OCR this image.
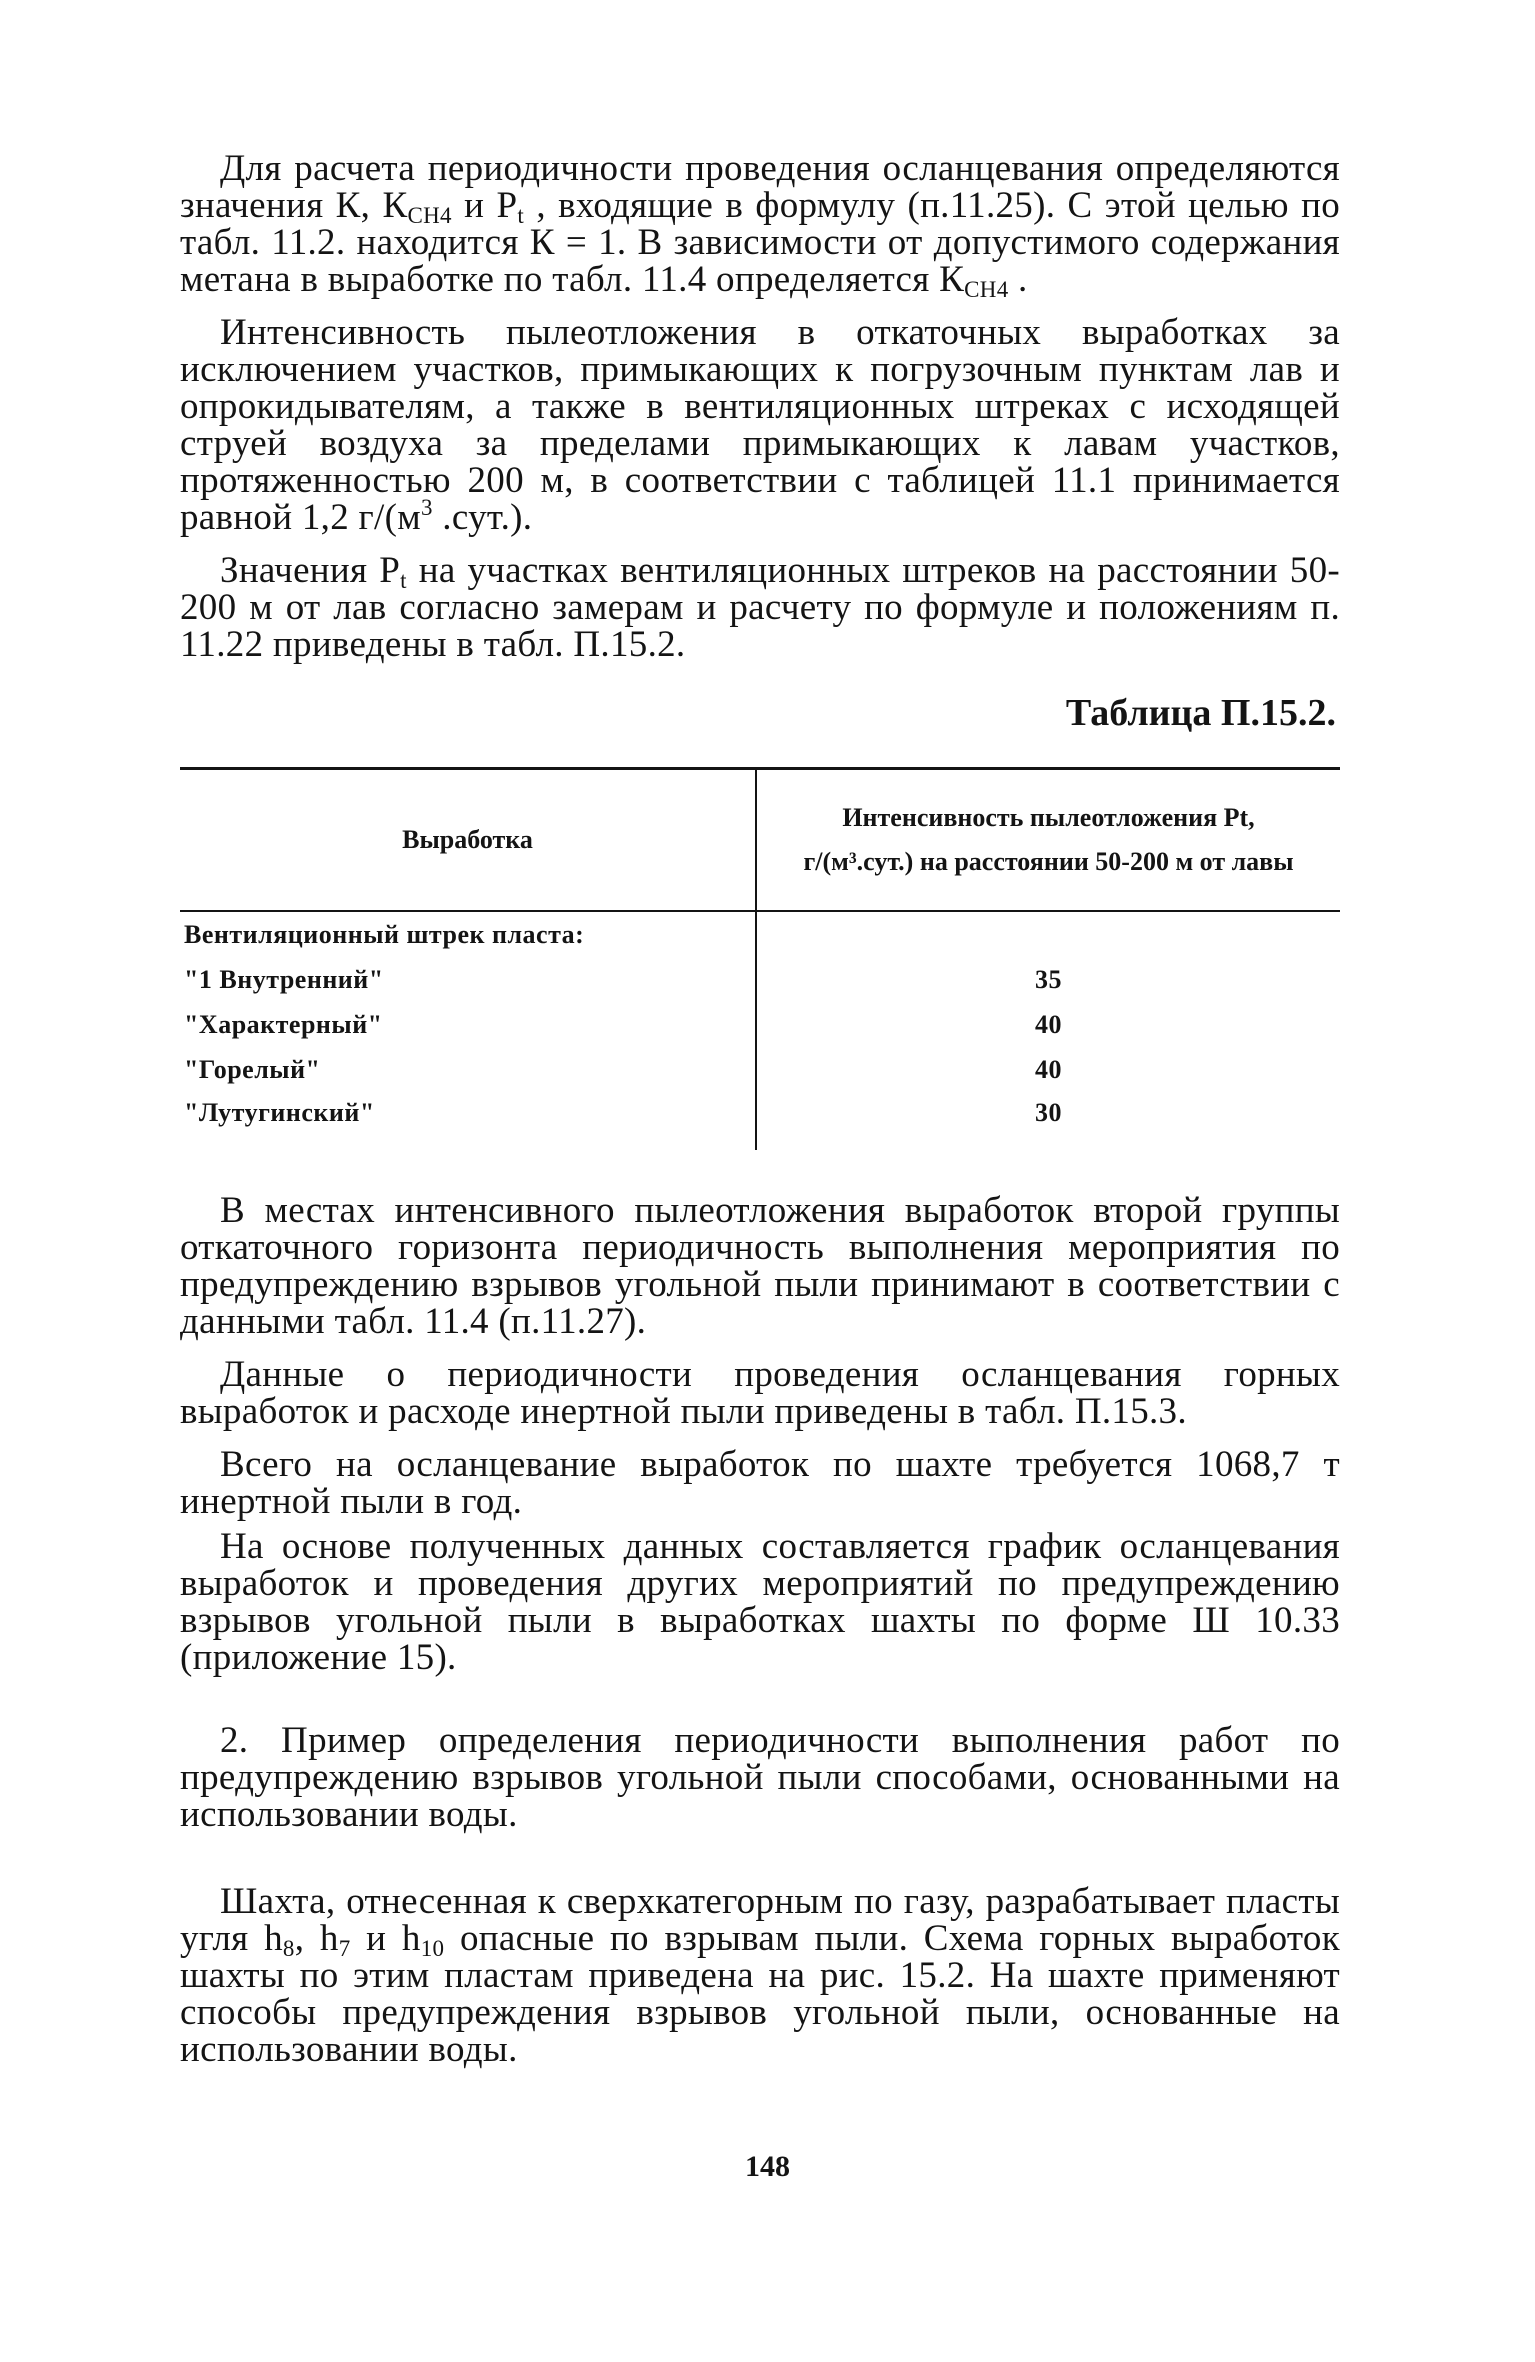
Для расчета периодичности проведения осланцевания определяются значения К, $К_{CH4}$ и $P_t$ , входящие в формулу (п.11.25). С этой целью по табл. 11.2. находится К = 1. В зависимости от допустимого содержания метана в выработке по табл. 11.4 определяется $К_{CH4}$ .

Интенсивность пылеотложения в откаточных выработках за исключением участков, примыкающих к погрузочным пунктам лав и опрокидывателям, а также в вентиляционных штреках с исходящей струей воздуха за пределами примыкающих к лавам участков, протяженностью 200 м, в соответствии с таблицей 11.1 принимается равной 1,2 $г/(м^3$ .сут.).

Значения $P_t$ на участках вентиляционных штреков на расстоянии 50-200 м от лав согласно замерам и расчету по формуле и положениям п. 11.22 приведены в табл. П.15.2.

Таблица П.15.2.
Выработка	Интенсивность пылеотложения Pt,
г/(м³.сут.) на расстоянии 50-200 м от лавы

Вентиляционный штрек пласта:	
"1 Внутренний"	35
"Характерный"	40
"Горелый"	40
"Лутугинский"	30

В местах интенсивного пылеотложения выработок второй группы откаточного горизонта периодичность выполнения мероприятия по предупреждению взрывов угольной пыли принимают в соответствии с данными табл. 11.4 (п.11.27).

Данные о периодичности проведения осланцевания горных выработок и расходе инертной пыли приведены в табл. П.15.3.

Всего на осланцевание выработок по шахте требуется 1068,7 т инертной пыли в год.

На основе полученных данных составляется график осланцевания выработок и проведения других мероприятий по предупреждению взрывов угольной пыли в выработках шахты по форме Ш 10.33 (приложение 15).

2. Пример определения периодичности выполнения работ по предупреждению взрывов угольной пыли способами, основанными на использовании воды.

Шахта, отнесенная к сверхкатегорным по газу, разрабатывает пласты угля $h_8$, $h_7$ и $h_{10}$ опасные по взрывам пыли. Схема горных выработок шахты по этим пластам приведена на рис. 15.2. На шахте применяют способы предупреждения взрывов угольной пыли, основанные на использовании воды.

148
